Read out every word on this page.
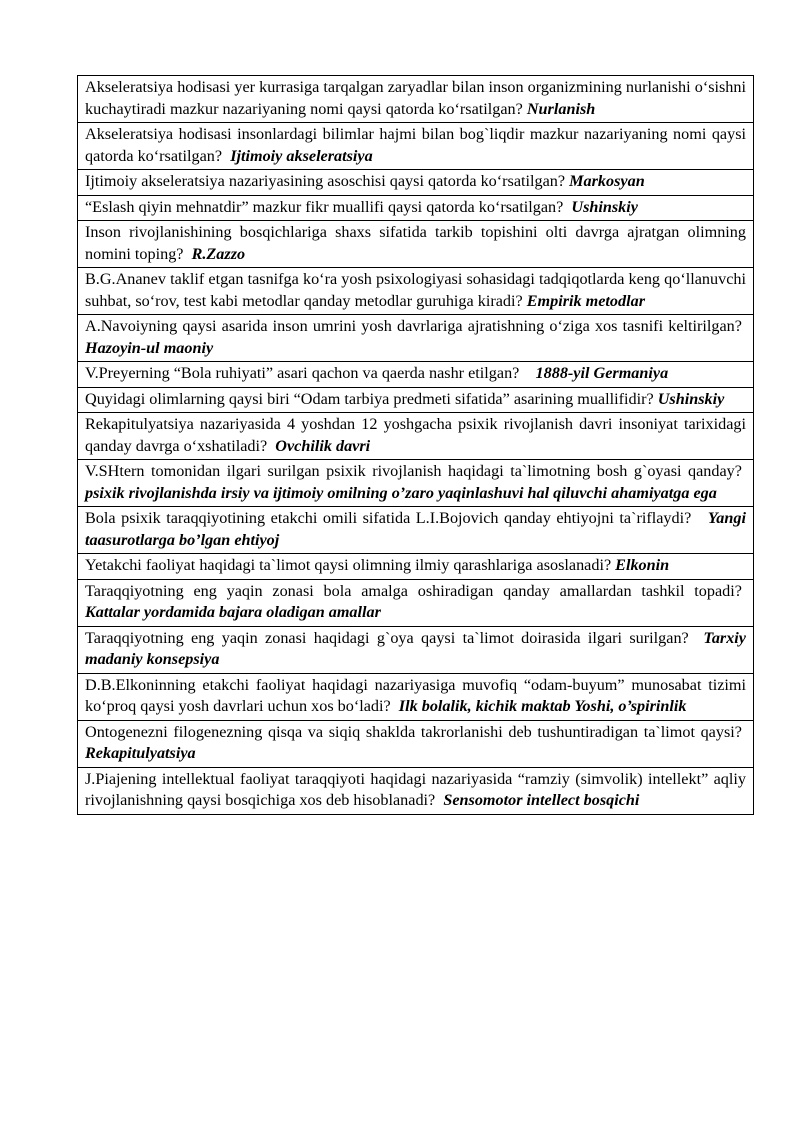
Akseleratsiya hodisasi yer kurrasiga tarqalgan zaryadlar bilan inson organizmining nurlanishi o‘sishni kuchaytiradi mazkur nazariyaning nomi qaysi qatorda ko‘rsatilgan? Nurlanish
Akseleratsiya hodisasi insonlardagi bilimlar hajmi bilan bog`liqdir mazkur nazariyaning nomi qaysi qatorda ko‘rsatilgan? Ijtimoiy akseleratsiya
Ijtimoiy akseleratsiya nazariyasining asoschisi qaysi qatorda ko‘rsatilgan? Markosyan
“Eslash qiyin mehnatdir” mazkur fikr muallifi qaysi qatorda ko‘rsatilgan? Ushinskiy
Inson rivojlanishining bosqichlariga shaxs sifatida tarkib topishini olti davrga ajratgan olimning nomini toping? R.Zazzo
B.G.Ananev taklif etgan tasnifga ko‘ra yosh psixologiyasi sohasidagi tadqiqotlarda keng qo‘llanuvchi suhbat, so‘rov, test kabi metodlar qanday metodlar guruhiga kiradi? Empirik metodlar
A.Navoiyning qaysi asarida inson umrini yosh davrlariga ajratishning o‘ziga xos tasnifi keltirilgan?  Hazoyin-ul maoniy
V.Preyerning “Bola ruhiyati” asari qachon va qaerda nashr etilgan? 1888-yil Germaniya
Quyidagi olimlarning qaysi biri “Odam tarbiya predmeti sifatida” asarining muallifidir? Ushinskiy
Rekapitulyatsiya nazariyasida 4 yoshdan 12 yoshgacha psixik rivojlanish davri insoniyat tarixidagi qanday davrga o‘xshatiladi? Ovchilik davri
V.SHtern tomonidan ilgari surilgan psixik rivojlanish haqidagi ta`limotning bosh g`oyasi qanday?  psixik rivojlanishda irsiy va ijtimoiy omilning o’zaro yaqinlashuvi hal qiluvchi ahamiyatga ega
Bola psixik taraqqiyotining etakchi omili sifatida L.I.Bojovich qanday ehtiyojni ta`riflaydi? Yangi taasurotlarga bo’lgan ehtiyoj
Yetakchi faoliyat haqidagi ta`limot qaysi olimning ilmiy qarashlariga asoslanadi? Elkonin
Taraqqiyotning eng yaqin zonasi bola amalga oshiradigan qanday amallardan tashkil topadi?  Kattalar yordamida bajara oladigan amallar
Taraqqiyotning eng yaqin zonasi haqidagi g`oya qaysi ta`limot doirasida ilgari surilgan? Tarxiy madaniy konsepsiya
D.B.Elkoninning etakchi faoliyat haqidagi nazariyasiga muvofiq “odam-buyum” munosabat tizimi ko‘proq qaysi yosh davrlari uchun xos bo‘ladi? Ilk bolalik, kichik maktab Yoshi, o’spirinlik
Ontogenezni filogenezning qisqa va siqiq shaklda takrorlanishi deb tushuntiradigan ta`limot qaysi?  Rekapitulyatsiya
J.Piajening intellektual faoliyat taraqqiyoti haqidagi nazariyasida “ramziy (simvolik) intellekt” aqliy rivojlanishning qaysi bosqichiga xos deb hisoblanadi? Sensomotor intellect bosqichi
